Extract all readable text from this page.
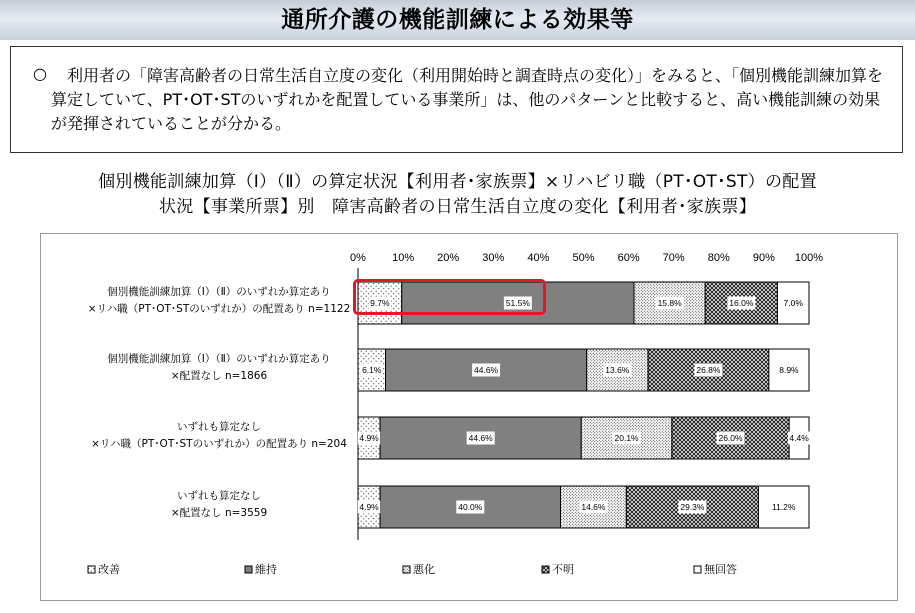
通所介護の機能訓練による効果等
○	利用者の「障害高齢者の日常生活自立度の変化（利用開始時と調査時点の変化）」をみると、「個別機能訓練加算を算定していて、PT･OT･STのいずれかを配置している事業所」は、他のパターンと比較すると、高い機能訓練の効果が発揮されていることが分かる。
個別機能訓練加算（Ⅰ）（Ⅱ）の算定状況【利用者･家族票】×リハビリ職（PT･OT･ST）の配置
状況【事業所票】別　障害高齢者の日常生活自立度の変化【利用者･家族票】
0% 10% 20% 30% 40% 50% 60% 70% 80% 90% 100%
個別機能訓練加算（Ⅰ）（Ⅱ）のいずれか算定あり×リハ職（PT･OT･STのいずれか）の配置あり n=1122
個別機能訓練加算（Ⅰ）（Ⅱ）のいずれか算定あり×配置なし n=1866
いずれも算定なし×リハ職（PT･OT･STのいずれか）の配置あり n=204
いずれも算定なし×配置なし n=3559
9.7%	51.5%	15.8%	16.0%	7.0%
6.1%	44.6%	13.6%	26.8%	8.9%
4.9%	44.6%	20.1%	26.0%	4.4%
4.9%	40.0%	14.6%	29.3%	11.2%
改善	維持	悪化	不明	無回答
